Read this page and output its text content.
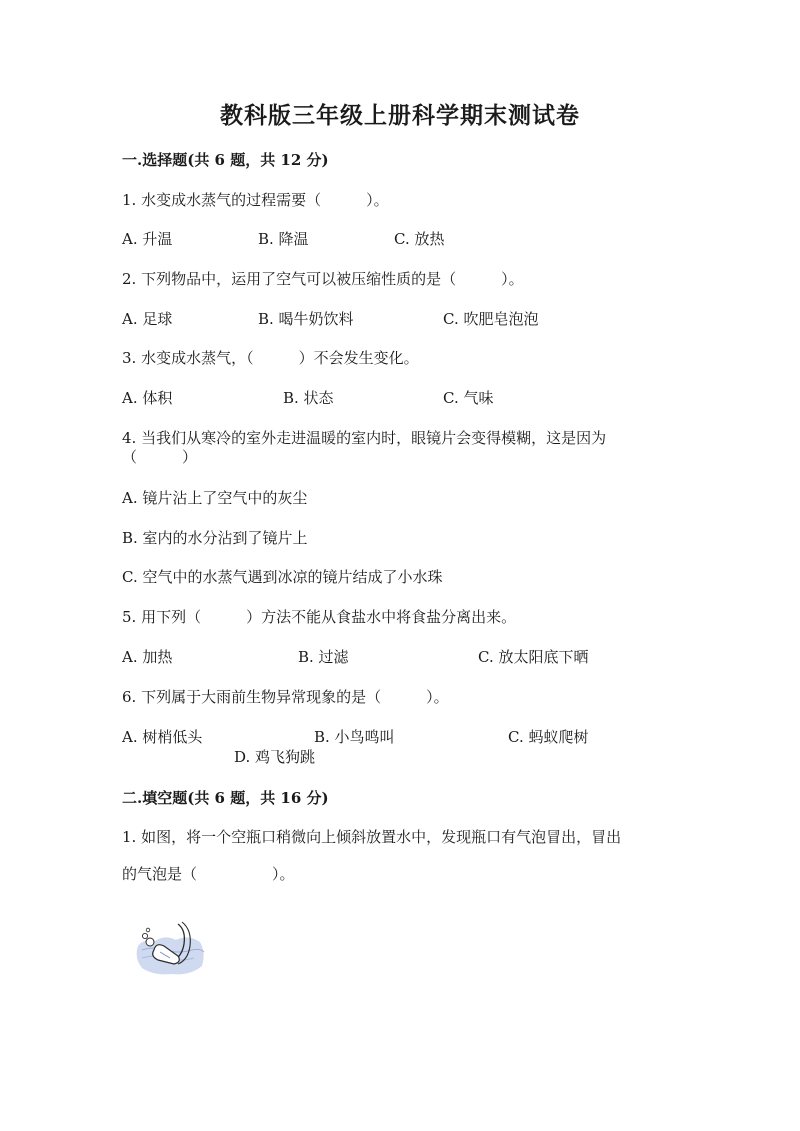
教科版三年级上册科学期末测试卷
一.选择题(共 6 题，共 12 分)
1. 水变成水蒸气的过程需要（　　　）。
A. 升温	B. 降温	C. 放热
2. 下列物品中，运用了空气可以被压缩性质的是（　　　）。
A. 足球	B. 喝牛奶饮料	C. 吹肥皂泡泡
3. 水变成水蒸气，（　　　）不会发生变化。
A. 体积	B. 状态	C. 气味
4. 当我们从寒冷的室外走进温暖的室内时，眼镜片会变得模糊，这是因为
（　　　）
A. 镜片沾上了空气中的灰尘
B. 室内的水分沾到了镜片上
C. 空气中的水蒸气遇到冰凉的镜片结成了小水珠
5. 用下列（　　　）方法不能从食盐水中将食盐分离出来。
A. 加热	B. 过滤	C. 放太阳底下晒
6. 下列属于大雨前生物异常现象的是（　　　）。
A. 树梢低头	B. 小鸟鸣叫	C. 蚂蚁爬树
D. 鸡飞狗跳
二.填空题(共 6 题，共 16 分)
1. 如图，将一个空瓶口稍微向上倾斜放置水中，发现瓶口有气泡冒出，冒出
的气泡是（　　　　　）。
